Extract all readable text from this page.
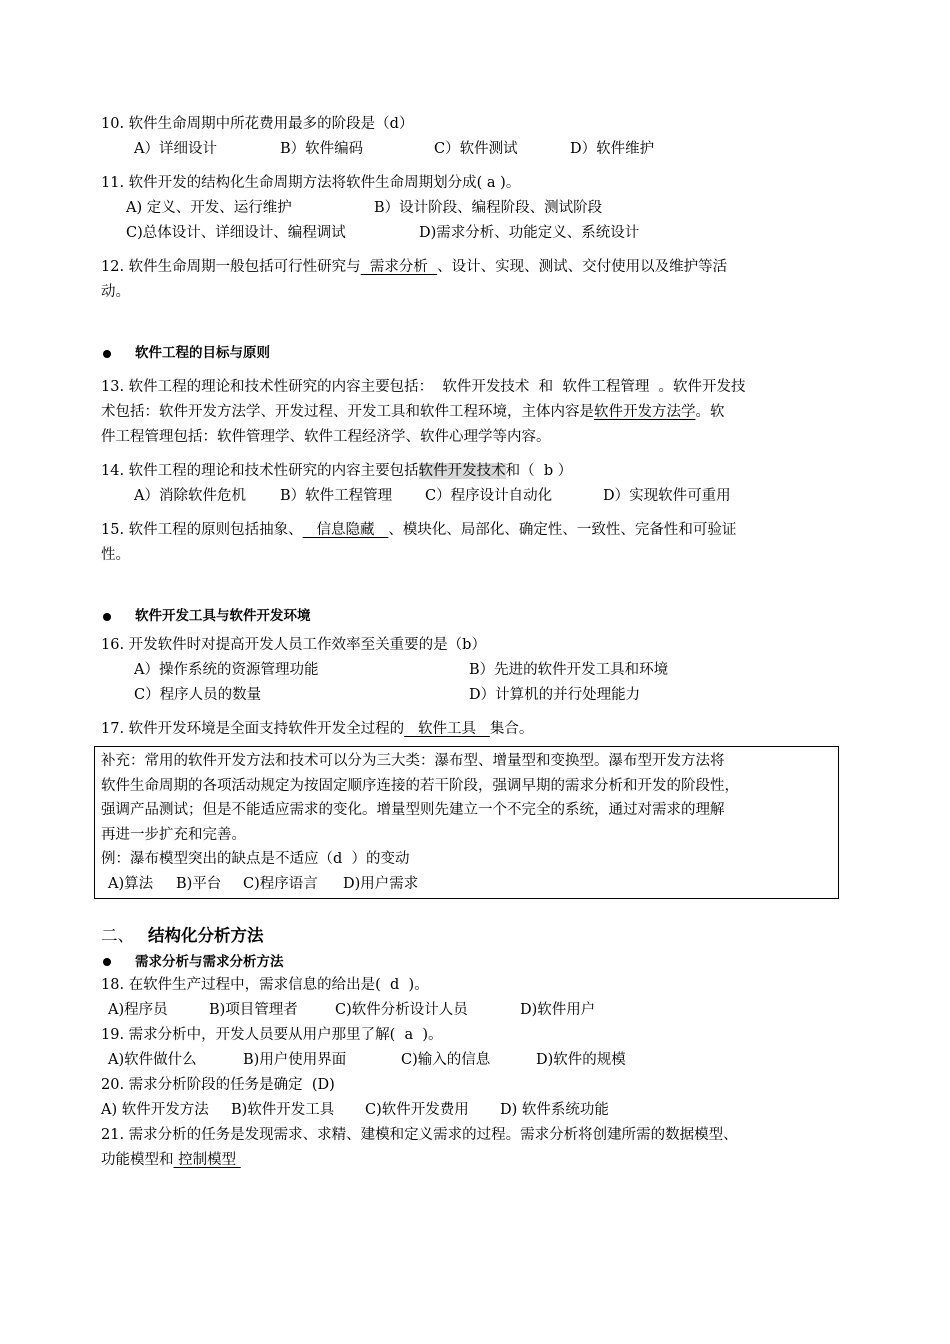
10. 软件生命周期中所花费用最多的阶段是（d）
A）详细设计	B）软件编码	C）软件测试	D）软件维护
11. 软件开发的结构化生命周期方法将软件生命周期划分成( a )。
A) 定义、开发、运行维护	B）设计阶段、编程阶段、测试阶段
C)总体设计、详细设计、编程调试	D)需求分析、功能定义、系统设计
12. 软件生命周期一般包括可行性研究与  需求分析  、设计、实现、测试、交付使用以及维护等活
动。
软件工程的目标与原则
13. 软件工程的理论和技术性研究的内容主要包括：  软件开发技术  和  软件工程管理  。软件开发技
术包括：软件开发方法学、开发过程、开发工具和软件工程环境，主体内容是软件开发方法学。软
件工程管理包括：软件管理学、软件工程经济学、软件心理学等内容。
14. 软件工程的理论和技术性研究的内容主要包括软件开发技术和（  b ）
A）消除软件危机 B）软件工程管理 C）程序设计自动化	D）实现软件可重用
15. 软件工程的原则包括抽象、   信息隐藏   、模块化、局部化、确定性、一致性、完备性和可验证
性。
软件开发工具与软件开发环境
16. 开发软件时对提高开发人员工作效率至关重要的是（b）
A）操作系统的资源管理功能	B）先进的软件开发工具和环境
C）程序人员的数量	D）计算机的并行处理能力
17. 软件开发环境是全面支持软件开发全过程的   软件工具   集合。
补充：常用的软件开发方法和技术可以分为三大类：瀑布型、增量型和变换型。瀑布型开发方法将
软件生命周期的各项活动规定为按固定顺序连接的若干阶段，强调早期的需求分析和开发的阶段性，
强调产品测试；但是不能适应需求的变化。增量型则先建立一个不完全的系统，通过对需求的理解
再进一步扩充和完善。
例：瀑布模型突出的缺点是不适应（d  ）的变动
A)算法 B)平台 C)程序语言 D)用户需求
二、 结构化分析方法
需求分析与需求分析方法
18. 在软件生产过程中，需求信息的给出是(  d  )。
A)程序员	B)项目管理者	C)软件分析设计人员	D)软件用户
19. 需求分析中，开发人员要从用户那里了解(  a  )。
A)软件做什么	B)用户使用界面	C)输入的信息	D)软件的规模
20. 需求分析阶段的任务是确定  (D)
A) 软件开发方法 B)软件开发工具 C)软件开发费用 D) 软件系统功能
21. 需求分析的任务是发现需求、求精、建模和定义需求的过程。需求分析将创建所需的数据模型、
功能模型和 控制模型
